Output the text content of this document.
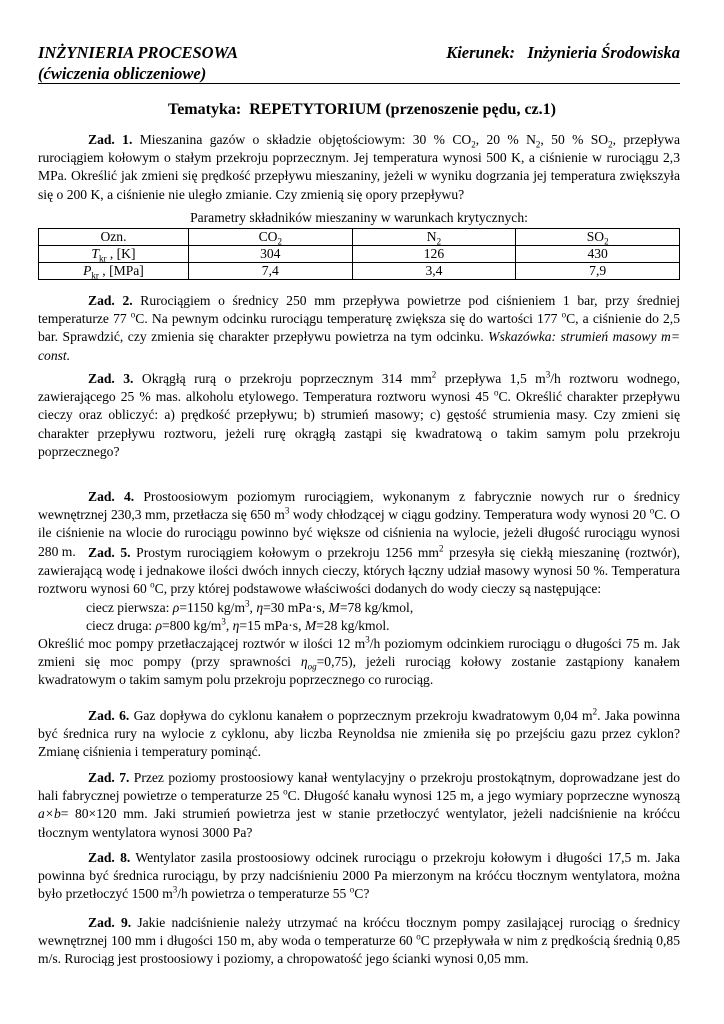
INŻYNIERIA PROCESOWA	Kierunek: Inżynieria Środowiska
(ćwiczenia obliczeniowe)
Tematyka: REPETYTORIUM (przenoszenie pędu, cz.1)
Zad. 1. Mieszanina gazów o składzie objętościowym: 30 % $CO_2$, 20 % $N_2$, 50 % $SO_2$, przepływa rurociągiem kołowym o stałym przekroju poprzecznym. Jej temperatura wynosi 500 K, a ciśnienie w rurociągu 2,3 MPa. Określić jak zmieni się prędkość przepływu mieszaniny, jeżeli w wyniku dogrzania jej temperatura zwiększyła się o 200 K, a ciśnienie nie uległo zmianie. Czy zmienią się opory przepływu?
Parametry składników mieszaniny w warunkach krytycznych:
Ozn.	$CO_2$	$N_2$	$SO_2$
$T_{kr}$ , [K]	304	126	430
$P_{kr}$ , [MPa]	7,4	3,4	7,9
Zad. 2. Rurociągiem o średnicy 250 mm przepływa powietrze pod ciśnieniem 1 bar, przy średniej temperaturze 77 $^o$C. Na pewnym odcinku rurociągu temperaturę zwiększa się do wartości 177 $^o$C, a ciśnienie do 2,5 bar. Sprawdzić, czy zmienia się charakter przepływu powietrza na tym odcinku. Wskazówka: strumień masowy m= const.
Zad. 3. Okrągłą rurą o przekroju poprzecznym 314 $mm^2$ przepływa 1,5 $m^3/h$ roztworu wodnego, zawierającego 25 % mas. alkoholu etylowego. Temperatura roztworu wynosi 45 $^o$C. Określić charakter przepływu cieczy oraz obliczyć: a) prędkość przepływu; b) strumień masowy; c) gęstość strumienia masy. Czy zmieni się charakter przepływu roztworu, jeżeli rurę okrągłą zastąpi się kwadratową o takim samym polu przekroju poprzecznego?
Zad. 4. Prostoosiowym poziomym rurociągiem, wykonanym z fabrycznie nowych rur o średnicy wewnętrznej 230,3 mm, przetłacza się 650 $m^3$ wody chłodzącej w ciągu godziny. Temperatura wody wynosi 20 $^o$C. O ile ciśnienie na wlocie do rurociągu powinno być większe od ciśnienia na wylocie, jeżeli długość rurociągu wynosi 280 m. Zad. 5. Prostym rurociągiem kołowym o przekroju 1256 $mm^2$ przesyła się ciekłą mieszaninę (roztwór), zawierającą wodę i jednakowe ilości dwóch innych cieczy, których łączny udział masowy wynosi 50 %. Temperatura roztworu wynosi 60 $^o$C, przy której podstawowe właściwości dodanych do wody cieczy są następujące:
ciecz pierwsza: ρ=1150 $kg/m^3$, η=30 mPa·s, M=78 kg/kmol,
ciecz druga: ρ=800 $kg/m^3$, η=15 mPa·s, M=28 kg/kmol.
Określić moc pompy przetłaczającej roztwór w ilości 12 $m^3/h$ poziomym odcinkiem rurociągu o długości 75 m. Jak zmieni się moc pompy (przy sprawności $\eta_{og}=0,75$), jeżeli rurociąg kołowy zostanie zastąpiony kanałem kwadratowym o takim samym polu przekroju poprzecznego co rurociąg.
Zad. 6. Gaz dopływa do cyklonu kanałem o poprzecznym przekroju kwadratowym 0,04 $m^2$. Jaka powinna być średnica rury na wylocie z cyklonu, aby liczba Reynoldsa nie zmieniła się po przejściu gazu przez cyklon? Zmianę ciśnienia i temperatury pominąć.
Zad. 7. Przez poziomy prostoosiowy kanał wentylacyjny o przekroju prostokątnym, doprowadzane jest do hali fabrycznej powietrze o temperaturze 25 $^o$C. Długość kanału wynosi 125 m, a jego wymiary poprzeczne wynoszą a×b= 80×120 mm. Jaki strumień powietrza jest w stanie przetłoczyć wentylator, jeżeli nadciśnienie na króćcu tłocznym wentylatora wynosi 3000 Pa?
Zad. 8. Wentylator zasila prostoosiowy odcinek rurociągu o przekroju kołowym i długości 17,5 m. Jaka powinna być średnica rurociągu, by przy nadciśnieniu 2000 Pa mierzonym na króćcu tłocznym wentylatora, można było przetłoczyć 1500 $m^3/h$ powietrza o temperaturze 55 $^o$C?
Zad. 9. Jakie nadciśnienie należy utrzymać na króćcu tłocznym pompy zasilającej rurociąg o średnicy wewnętrznej 100 mm i długości 150 m, aby woda o temperaturze 60 $^o$C przepływała w nim z prędkością średnią 0,85 m/s. Rurociąg jest prostoosiowy i poziomy, a chropowatość jego ścianki wynosi 0,05 mm.
